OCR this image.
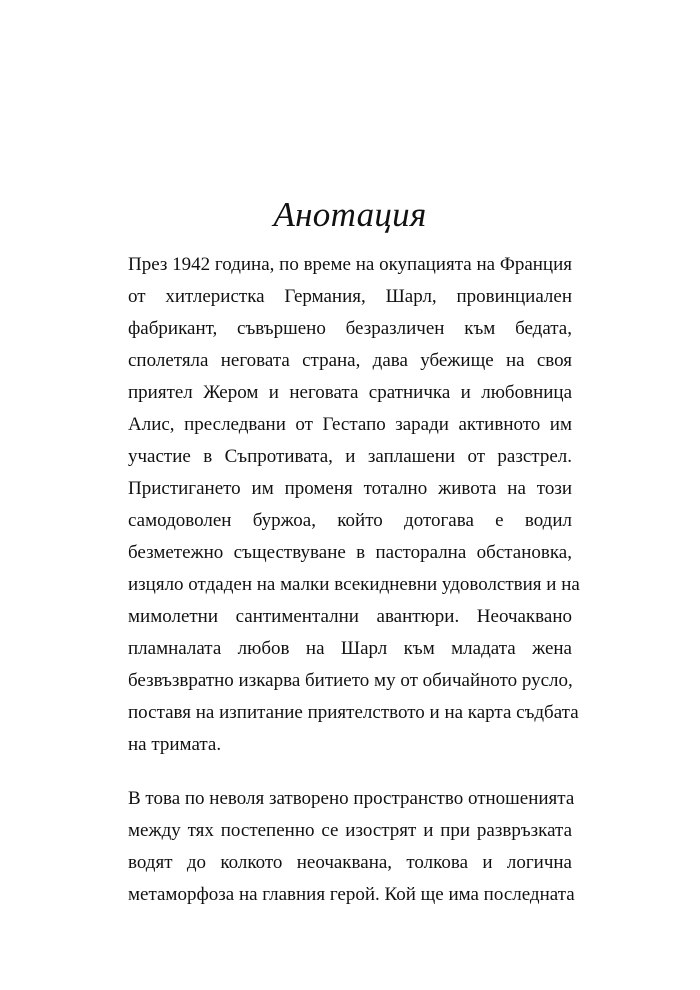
Анотация

През 1942 година, по време на окупацията на Франция
от хитлеристка Германия, Шарл, провинциален
фабрикант, съвършено безразличен към бедата,
сполетяла неговата страна, дава убежище на своя
приятел Жером и неговата сратничка и любовница
Алис, преследвани от Гестапо заради активното им
участие в Съпротивата, и заплашени от разстрел.
Пристигането им променя тотално живота на този
самодоволен буржоа, който дотогава е водил
безметежно съществуване в пасторална обстановка,
изцяло отдаден на малки всекидневни удоволствия и на
мимолетни сантиментални авантюри. Неочаквано
пламналата любов на Шарл към младата жена
безвъзвратно изкарва битието му от обичайното русло,
поставя на изпитание приятелството и на карта съдбата
на тримата.

В това по неволя затворено пространство отношенията
между тях постепенно се изострят и при развръзката
водят до колкото неочаквана, толкова и логична
метаморфоза на главния герой. Кой ще има последната
